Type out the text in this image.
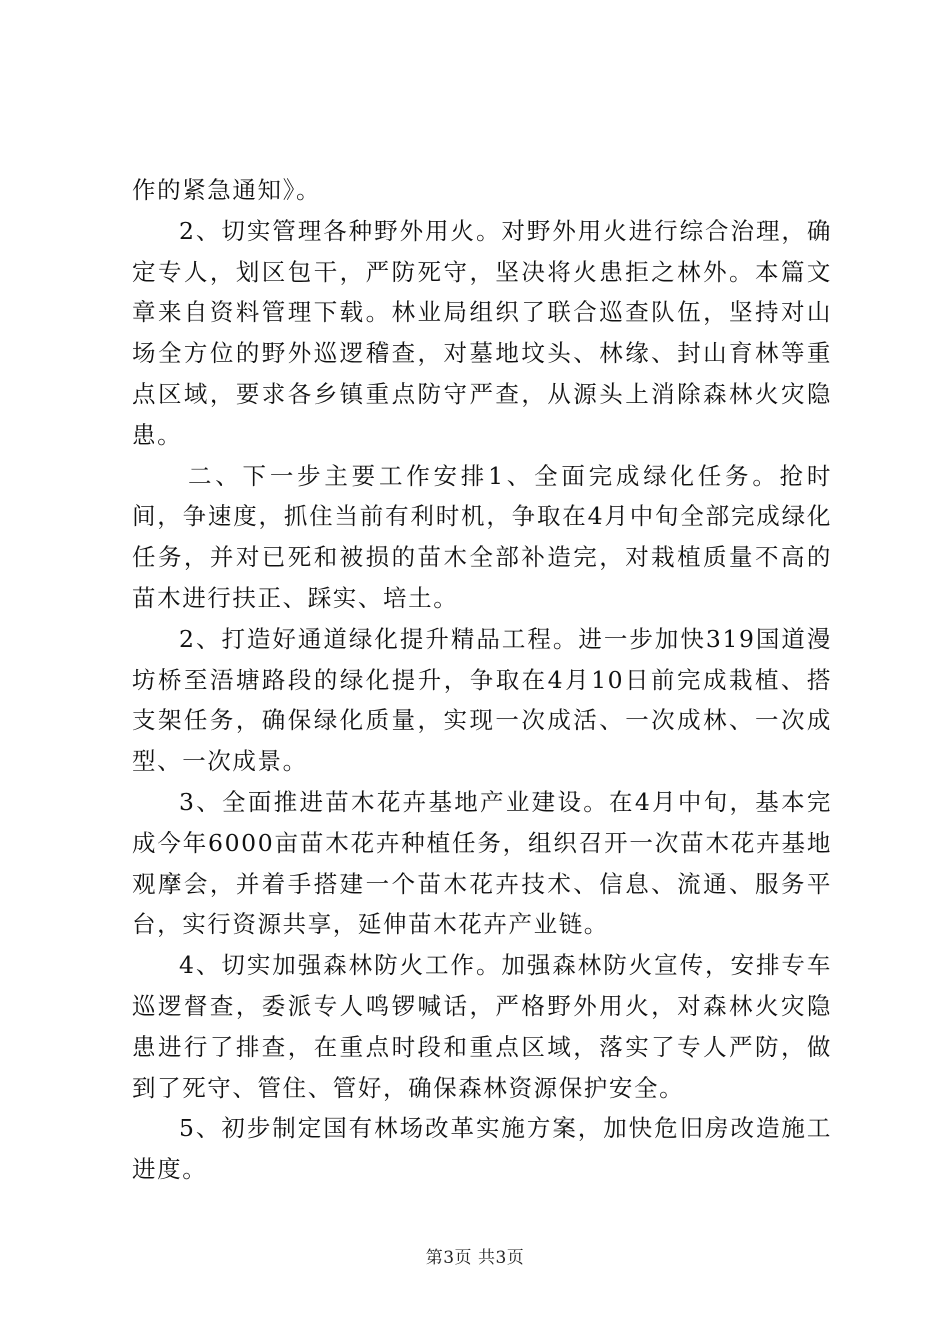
作的紧急通知》。

2、切实管理各种野外用火。对野外用火进行综合治理，确定专人，划区包干，严防死守，坚决将火患拒之林外。本篇文章来自资料管理下载。林业局组织了联合巡查队伍，坚持对山场全方位的野外巡逻稽查，对墓地坟头、林缘、封山育林等重点区域，要求各乡镇重点防守严查，从源头上消除森林火灾隐患。

二、下一步主要工作安排1、全面完成绿化任务。抢时间，争速度，抓住当前有利时机，争取在4月中旬全部完成绿化任务，并对已死和被损的苗木全部补造完，对栽植质量不高的苗木进行扶正、踩实、培土。

2、打造好通道绿化提升精品工程。进一步加快319国道漫坊桥至浯塘路段的绿化提升，争取在4月10日前完成栽植、搭支架任务，确保绿化质量，实现一次成活、一次成林、一次成型、一次成景。

3、全面推进苗木花卉基地产业建设。在4月中旬，基本完成今年6000亩苗木花卉种植任务，组织召开一次苗木花卉基地观摩会，并着手搭建一个苗木花卉技术、信息、流通、服务平台，实行资源共享，延伸苗木花卉产业链。

4、切实加强森林防火工作。加强森林防火宣传，安排专车巡逻督查，委派专人鸣锣喊话，严格野外用火，对森林火灾隐患进行了排查，在重点时段和重点区域，落实了专人严防，做到了死守、管住、管好，确保森林资源保护安全。

5、初步制定国有林场改革实施方案，加快危旧房改造施工进度。

第3页 共3页
